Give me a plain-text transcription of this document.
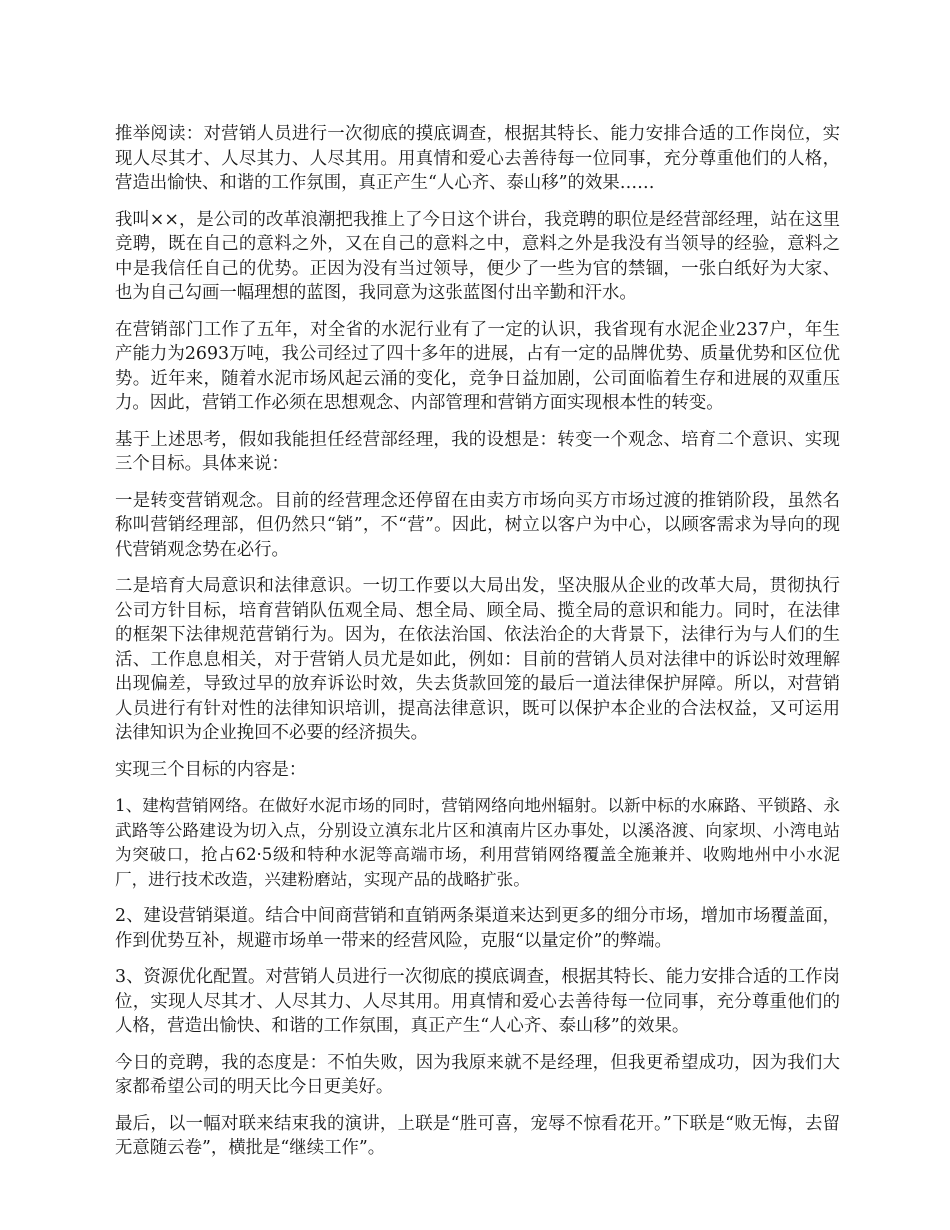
推举阅读：对营销人员进行一次彻底的摸底调查，根据其特长、能力安排合适的工作岗位，实现人尽其才、人尽其力、人尽其用。用真情和爱心去善待每一位同事，充分尊重他们的人格，营造出愉快、和谐的工作氛围，真正产生“人心齐、泰山移”的效果……

我叫××，是公司的改革浪潮把我推上了今日这个讲台，我竞聘的职位是经营部经理，站在这里竞聘，既在自己的意料之外，又在自己的意料之中，意料之外是我没有当领导的经验，意料之中是我信任自己的优势。正因为没有当过领导，便少了一些为官的禁锢，一张白纸好为大家、也为自己勾画一幅理想的蓝图，我同意为这张蓝图付出辛勤和汗水。

在营销部门工作了五年，对全省的水泥行业有了一定的认识，我省现有水泥企业237户，年生产能力为2693万吨，我公司经过了四十多年的进展，占有一定的品牌优势、质量优势和区位优势。近年来，随着水泥市场风起云涌的变化，竞争日益加剧，公司面临着生存和进展的双重压力。因此，营销工作必须在思想观念、内部管理和营销方面实现根本性的转变。

基于上述思考，假如我能担任经营部经理，我的设想是：转变一个观念、培育二个意识、实现三个目标。具体来说：

一是转变营销观念。目前的经营理念还停留在由卖方市场向买方市场过渡的推销阶段，虽然名称叫营销经理部，但仍然只“销”，不“营”。因此，树立以客户为中心，以顾客需求为导向的现代营销观念势在必行。

二是培育大局意识和法律意识。一切工作要以大局出发，坚决服从企业的改革大局，贯彻执行公司方针目标，培育营销队伍观全局、想全局、顾全局、揽全局的意识和能力。同时，在法律的框架下法律规范营销行为。因为，在依法治国、依法治企的大背景下，法律行为与人们的生活、工作息息相关，对于营销人员尤是如此，例如：目前的营销人员对法律中的诉讼时效理解出现偏差，导致过早的放弃诉讼时效，失去货款回笼的最后一道法律保护屏障。所以，对营销人员进行有针对性的法律知识培训，提高法律意识，既可以保护本企业的合法权益，又可运用法律知识为企业挽回不必要的经济损失。

实现三个目标的内容是：

1、建构营销网络。在做好水泥市场的同时，营销网络向地州辐射。以新中标的水麻路、平锁路、永武路等公路建设为切入点，分别设立滇东北片区和滇南片区办事处，以溪洛渡、向家坝、小湾电站为突破口，抢占62·5级和特种水泥等高端市场，利用营销网络覆盖全施兼并、收购地州中小水泥厂，进行技术改造，兴建粉磨站，实现产品的战略扩张。

2、建设营销渠道。结合中间商营销和直销两条渠道来达到更多的细分市场，增加市场覆盖面，作到优势互补，规避市场单一带来的经营风险，克服“以量定价”的弊端。

3、资源优化配置。对营销人员进行一次彻底的摸底调查，根据其特长、能力安排合适的工作岗位，实现人尽其才、人尽其力、人尽其用。用真情和爱心去善待每一位同事，充分尊重他们的人格，营造出愉快、和谐的工作氛围，真正产生“人心齐、泰山移”的效果。

今日的竞聘，我的态度是：不怕失败，因为我原来就不是经理，但我更希望成功，因为我们大家都希望公司的明天比今日更美好。

最后，以一幅对联来结束我的演讲，上联是“胜可喜，宠辱不惊看花开。”下联是“败无悔，去留无意随云卷”，横批是“继续工作”。
